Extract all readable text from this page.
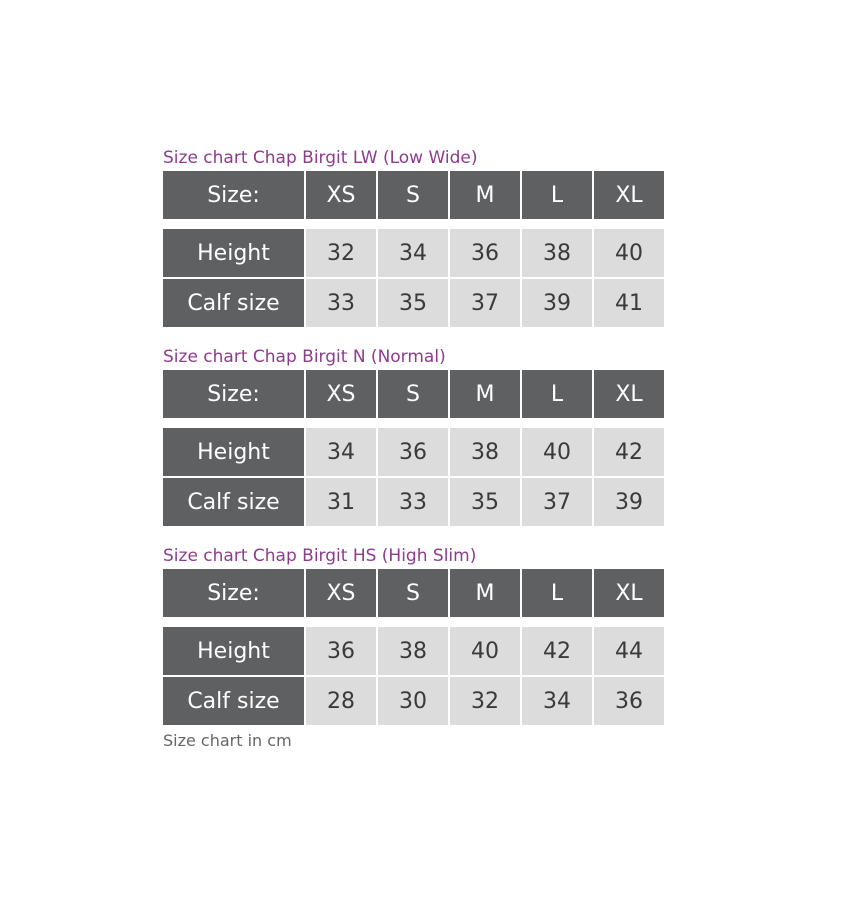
Size chart Chap Birgit LW (Low Wide)
Size:	XS	S	M	L	XL
Height	32	34	36	38	40
Calf size	33	35	37	39	41
Size chart Chap Birgit N (Normal)
Size:	XS	S	M	L	XL
Height	34	36	38	40	42
Calf size	31	33	35	37	39
Size chart Chap Birgit HS (High Slim)
Size:	XS	S	M	L	XL
Height	36	38	40	42	44
Calf size	28	30	32	34	36
Size chart in cm
